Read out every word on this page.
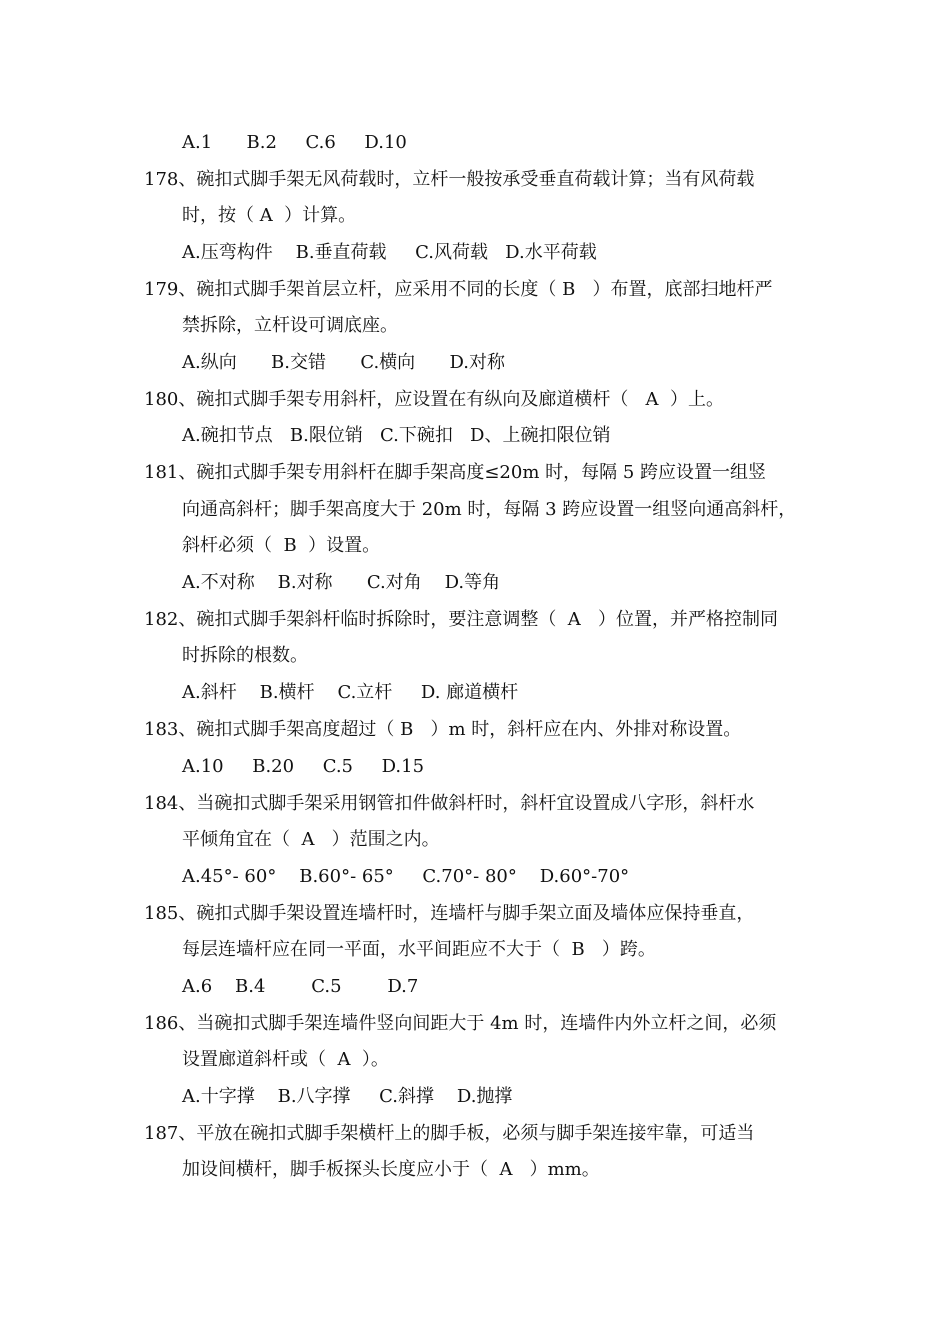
A.1      B.2     C.6     D.10
178、碗扣式脚手架无风荷载时，立杆一般按承受垂直荷载计算；当有风荷载
时，按（ A  ）计算。
A.压弯构件    B.垂直荷载     C.风荷载   D.水平荷载
179、碗扣式脚手架首层立杆，应采用不同的长度（ B   ）布置，底部扫地杆严
禁拆除，立杆设可调底座。
A.纵向      B.交错      C.横向      D.对称
180、碗扣式脚手架专用斜杆，应设置在有纵向及廊道横杆（   A  ）上。
A.碗扣节点   B.限位销   C.下碗扣   D、上碗扣限位销
181、碗扣式脚手架专用斜杆在脚手架高度≤20m 时，每隔 5 跨应设置一组竖
向通高斜杆；脚手架高度大于 20m 时，每隔 3 跨应设置一组竖向通高斜杆，
斜杆必须（  B  ）设置。
A.不对称    B.对称      C.对角    D.等角
182、碗扣式脚手架斜杆临时拆除时，要注意调整（  A   ）位置，并严格控制同
时拆除的根数。
A.斜杆    B.横杆    C.立杆     D. 廊道横杆
183、碗扣式脚手架高度超过（ B   ）m 时，斜杆应在内、外排对称设置。
A.10     B.20     C.5     D.15
184、当碗扣式脚手架采用钢管扣件做斜杆时，斜杆宜设置成八字形，斜杆水
平倾角宜在（  A   ）范围之内。
A.45°- 60°    B.60°- 65°     C.70°- 80°    D.60°-70°
185、碗扣式脚手架设置连墙杆时，连墙杆与脚手架立面及墙体应保持垂直，
每层连墙杆应在同一平面，水平间距应不大于（  B   ）跨。
A.6    B.4        C.5        D.7
186、当碗扣式脚手架连墙件竖向间距大于 4m 时，连墙件内外立杆之间，必须
设置廊道斜杆或（  A  ）。
A.十字撑    B.八字撑     C.斜撑    D.抛撑
187、平放在碗扣式脚手架横杆上的脚手板，必须与脚手架连接牢靠，可适当
加设间横杆，脚手板探头长度应小于（  A   ）mm。
